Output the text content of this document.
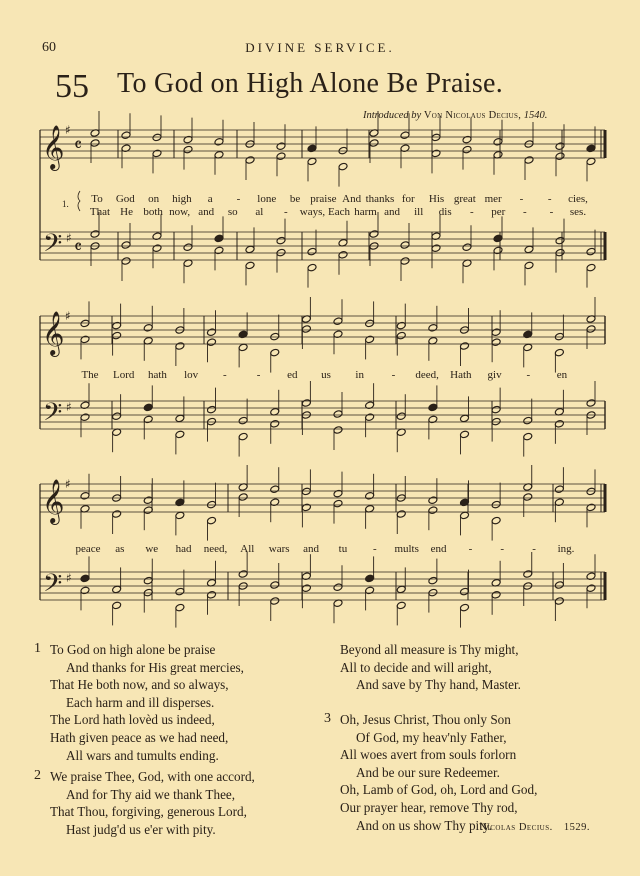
60	DIVINE SERVICE.
55 To God on High Alone Be Praise.
Introduced by Von Nicolaus Decius, 1540.
𝄞
𝄢
♯
♯
𝄴
𝄴
𝄞
𝄢
♯
♯
𝄞
𝄢
♯
♯
1. To God on high a - lone be praise And thanks for His great mer - - cies,
That He both now, and so al - ways, Each harm and ill dis - per - - ses.
The Lord hath lov -	- ed us in	- deed, Hath giv - en
peace as we had need, All wars and tu - mults end -	-	- ing.
1 To God on high alone be praise
And thanks for His great mercies,
That He both now, and so always,
Each harm and ill disperses.
The Lord hath lovèd us indeed,
Hath given peace as we had need,
All wars and tumults ending.
2 We praise Thee, God, with one accord,
And for Thy aid we thank Thee,
That Thou, forgiving, generous Lord,
Hast judg'd us e'er with pity.
Beyond all measure is Thy might,
All to decide and will aright,
And save by Thy hand, Master.
3 Oh, Jesus Christ, Thou only Son
Of God, my heav'nly Father,
All woes avert from souls forlorn
And be our sure Redeemer.
Oh, Lamb of God, oh, Lord and God,
Our prayer hear, remove Thy rod,
And on us show Thy pity.
Nicolas Decius. 1529.
